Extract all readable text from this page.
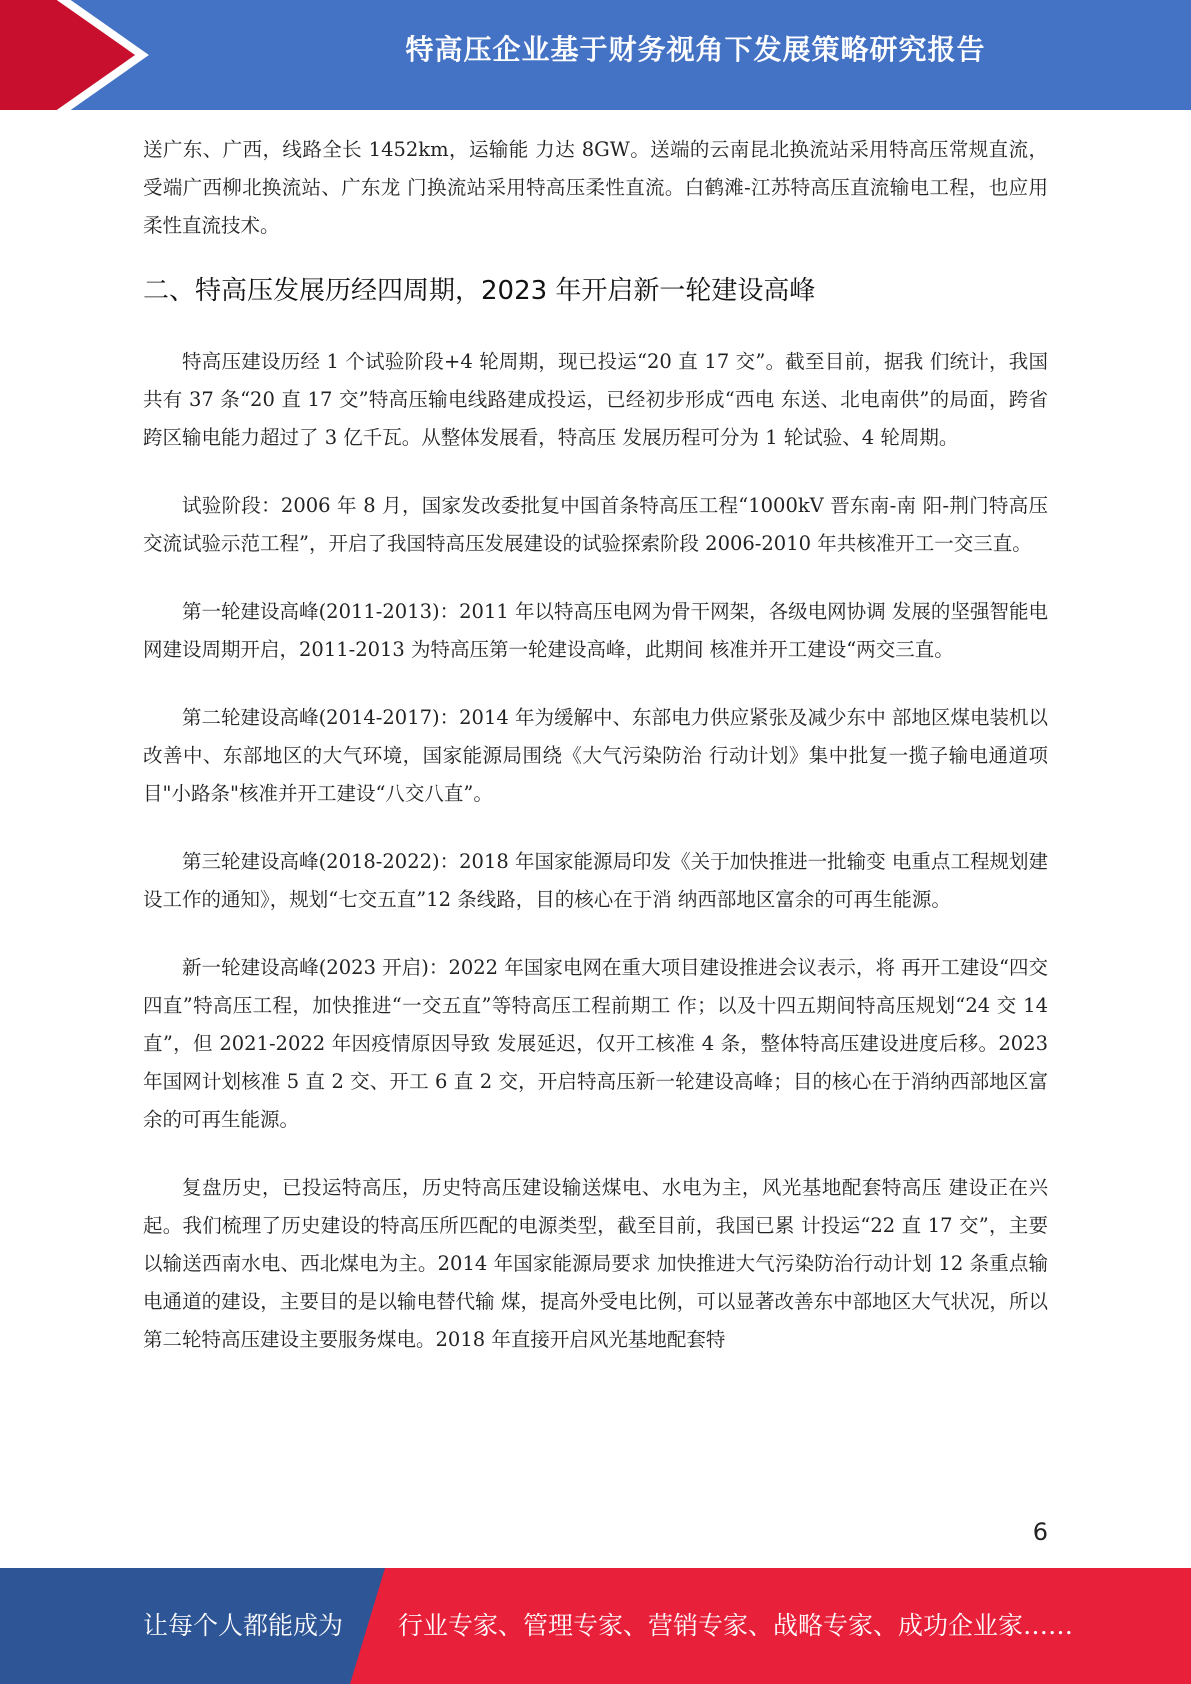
特高压企业基于财务视角下发展策略研究报告

送广东、广西，线路全长 1452km，运输能 力达 8GW。送端的云南昆北换流站采用特高压常规直流，受端广西柳北换流站、广东龙 门换流站采用特高压柔性直流。白鹤滩-江苏特高压直流输电工程，也应用柔性直流技术。

二、特高压发展历经四周期，2023 年开启新一轮建设高峰

特高压建设历经 1 个试验阶段+4 轮周期，现已投运“20 直 17 交”。截至目前，据我 们统计，我国共有 37 条“20 直 17 交”特高压输电线路建成投运，已经初步形成“西电 东送、北电南供”的局面，跨省跨区输电能力超过了 3 亿千瓦。从整体发展看，特高压 发展历程可分为 1 轮试验、4 轮周期。

试验阶段：2006 年 8 月，国家发改委批复中国首条特高压工程“1000kV 晋东南-南 阳-荆门特高压交流试验示范工程”，开启了我国特高压发展建设的试验探索阶段 2006-2010 年共核准开工一交三直。

第一轮建设高峰(2011-2013)：2011 年以特高压电网为骨干网架，各级电网协调 发展的坚强智能电网建设周期开启，2011-2013 为特高压第一轮建设高峰，此期间 核准并开工建设“两交三直。

第二轮建设高峰(2014-2017)：2014 年为缓解中、东部电力供应紧张及减少东中 部地区煤电装机以改善中、东部地区的大气环境，国家能源局围绕《大气污染防治 行动计划》集中批复一揽子输电通道项目"小路条"核准并开工建设“八交八直”。

第三轮建设高峰(2018-2022)：2018 年国家能源局印发《关于加快推进一批输变 电重点工程规划建设工作的通知》，规划“七交五直”12 条线路，目的核心在于消 纳西部地区富余的可再生能源。

新一轮建设高峰(2023 开启)：2022 年国家电网在重大项目建设推进会议表示，将 再开工建设“四交四直”特高压工程，加快推进“一交五直”等特高压工程前期工 作；以及十四五期间特高压规划“24 交 14 直”，但 2021-2022 年因疫情原因导致 发展延迟，仅开工核准 4 条，整体特高压建设进度后移。2023 年国网计划核准 5 直 2 交、开工 6 直 2 交，开启特高压新一轮建设高峰；目的核心在于消纳西部地区富 余的可再生能源。

复盘历史，已投运特高压，历史特高压建设输送煤电、水电为主，风光基地配套特高压 建设正在兴起。我们梳理了历史建设的特高压所匹配的电源类型，截至目前，我国已累 计投运“22 直 17 交”，主要以输送西南水电、西北煤电为主。2014 年国家能源局要求 加快推进大气污染防治行动计划 12 条重点输电通道的建设，主要目的是以输电替代输 煤，提高外受电比例，可以显著改善东中部地区大气状况，所以第二轮特高压建设主要服务煤电。2018 年直接开启风光基地配套特

6
让每个人都能成为 行业专家、管理专家、营销专家、战略专家、成功企业家……
